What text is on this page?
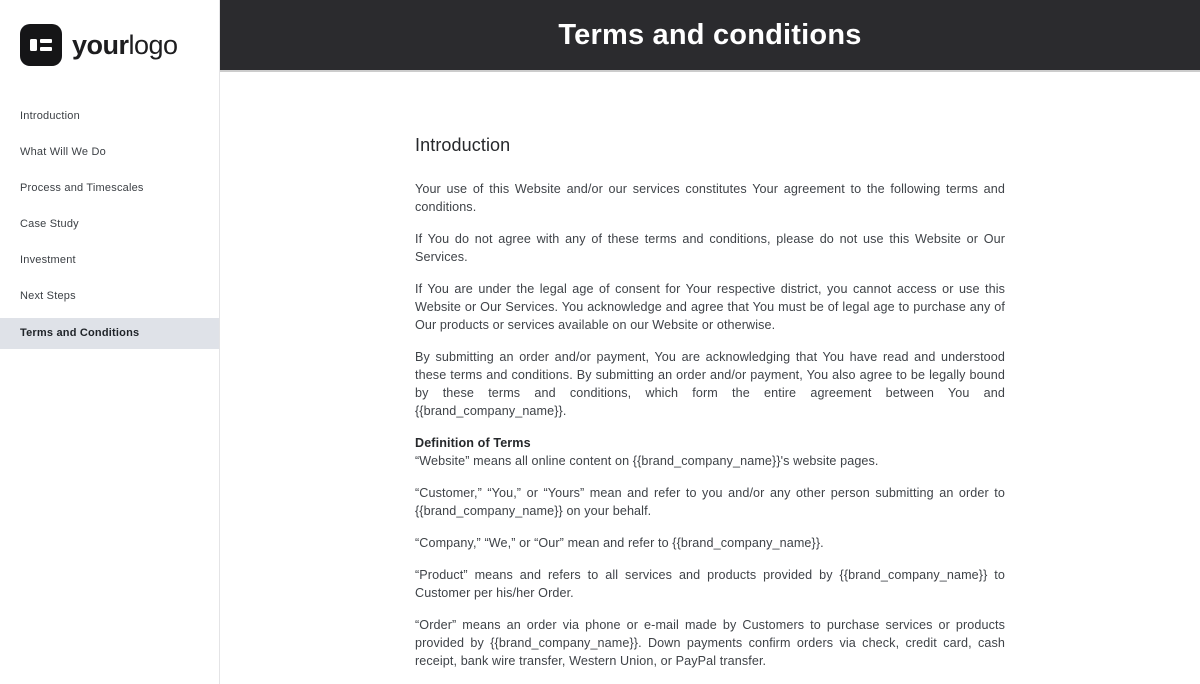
yourlogo
Introduction
What Will We Do
Process and Timescales
Case Study
Investment
Next Steps
Terms and Conditions
Terms and conditions
Introduction

Your use of this Website and/or our services constitutes Your agreement to the following terms and conditions.

If You do not agree with any of these terms and conditions, please do not use this Website or Our Services.

If You are under the legal age of consent for Your respective district, you cannot access or use this Website or Our Services. You acknowledge and agree that You must be of legal age to purchase any of Our products or services available on our Website or otherwise.

By submitting an order and/or payment, You are acknowledging that You have read and understood these terms and conditions. By submitting an order and/or payment, You also agree to be legally bound by these terms and conditions, which form the entire agreement between You and {{brand_company_name}}.

Definition of Terms
“Website” means all online content on {{brand_company_name}}'s website pages.

“Customer,” “You,” or “Yours” mean and refer to you and/or any other person submitting an order to {{brand_company_name}} on your behalf.

“Company,” “We,” or “Our” mean and refer to {{brand_company_name}}.

“Product” means and refers to all services and products provided by {{brand_company_name}} to Customer per his/her Order.

“Order” means an order via phone or e-mail made by Customers to purchase services or products provided by {{brand_company_name}}. Down payments confirm orders via check, credit card, cash receipt, bank wire transfer, Western Union, or PayPal transfer.
